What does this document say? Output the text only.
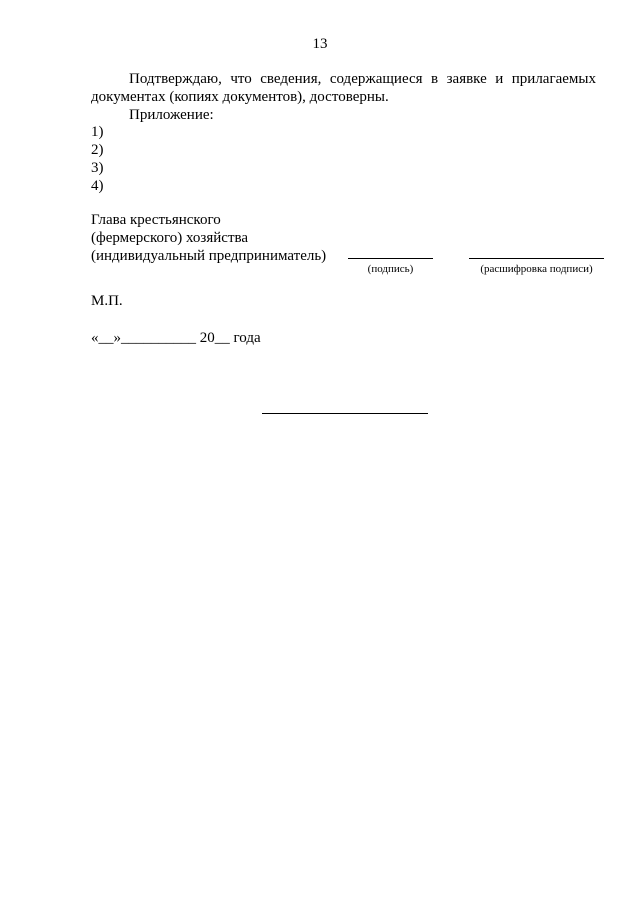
13
Подтверждаю, что сведения, содержащиеся в заявке и прилагаемых документах (копиях документов), достоверны.
Приложение:
1)
2)
3)
4)
Глава крестьянского
(фермерского) хозяйства
(индивидуальный предприниматель)
(подпись)	(расшифровка подписи)
М.П.
«__»__________ 20__ года
